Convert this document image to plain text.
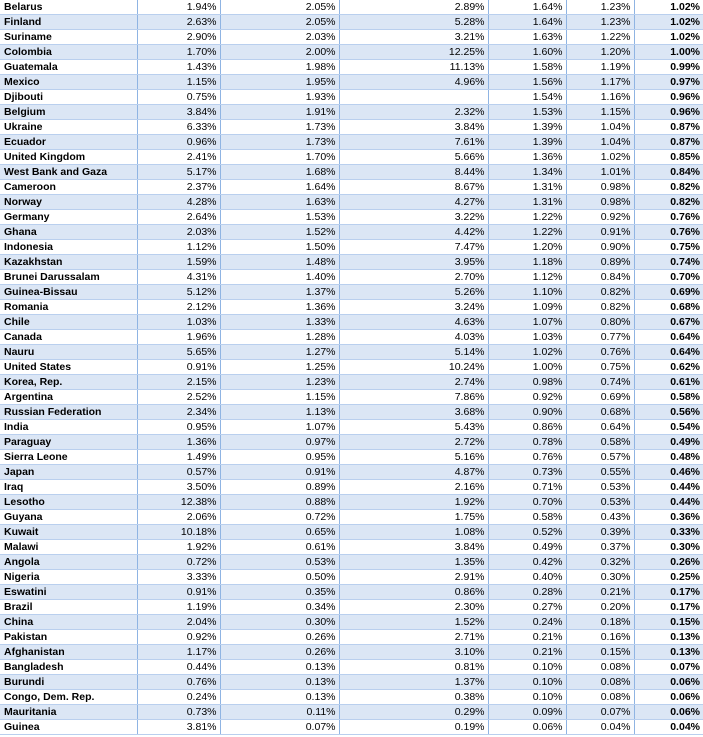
Belarus	1.94%	2.05%	2.89%	1.64%	1.23%	1.02%
Finland	2.63%	2.05%	5.28%	1.64%	1.23%	1.02%
Suriname	2.90%	2.03%	3.21%	1.63%	1.22%	1.02%
Colombia	1.70%	2.00%	12.25%	1.60%	1.20%	1.00%
Guatemala	1.43%	1.98%	11.13%	1.58%	1.19%	0.99%
Mexico	1.15%	1.95%	4.96%	1.56%	1.17%	0.97%
Djibouti	0.75%	1.93%		1.54%	1.16%	0.96%
Belgium	3.84%	1.91%	2.32%	1.53%	1.15%	0.96%
Ukraine	6.33%	1.73%	3.84%	1.39%	1.04%	0.87%
Ecuador	0.96%	1.73%	7.61%	1.39%	1.04%	0.87%
United Kingdom	2.41%	1.70%	5.66%	1.36%	1.02%	0.85%
West Bank and Gaza	5.17%	1.68%	8.44%	1.34%	1.01%	0.84%
Cameroon	2.37%	1.64%	8.67%	1.31%	0.98%	0.82%
Norway	4.28%	1.63%	4.27%	1.31%	0.98%	0.82%
Germany	2.64%	1.53%	3.22%	1.22%	0.92%	0.76%
Ghana	2.03%	1.52%	4.42%	1.22%	0.91%	0.76%
Indonesia	1.12%	1.50%	7.47%	1.20%	0.90%	0.75%
Kazakhstan	1.59%	1.48%	3.95%	1.18%	0.89%	0.74%
Brunei Darussalam	4.31%	1.40%	2.70%	1.12%	0.84%	0.70%
Guinea-Bissau	5.12%	1.37%	5.26%	1.10%	0.82%	0.69%
Romania	2.12%	1.36%	3.24%	1.09%	0.82%	0.68%
Chile	1.03%	1.33%	4.63%	1.07%	0.80%	0.67%
Canada	1.96%	1.28%	4.03%	1.03%	0.77%	0.64%
Nauru	5.65%	1.27%	5.14%	1.02%	0.76%	0.64%
United States	0.91%	1.25%	10.24%	1.00%	0.75%	0.62%
Korea, Rep.	2.15%	1.23%	2.74%	0.98%	0.74%	0.61%
Argentina	2.52%	1.15%	7.86%	0.92%	0.69%	0.58%
Russian Federation	2.34%	1.13%	3.68%	0.90%	0.68%	0.56%
India	0.95%	1.07%	5.43%	0.86%	0.64%	0.54%
Paraguay	1.36%	0.97%	2.72%	0.78%	0.58%	0.49%
Sierra Leone	1.49%	0.95%	5.16%	0.76%	0.57%	0.48%
Japan	0.57%	0.91%	4.87%	0.73%	0.55%	0.46%
Iraq	3.50%	0.89%	2.16%	0.71%	0.53%	0.44%
Lesotho	12.38%	0.88%	1.92%	0.70%	0.53%	0.44%
Guyana	2.06%	0.72%	1.75%	0.58%	0.43%	0.36%
Kuwait	10.18%	0.65%	1.08%	0.52%	0.39%	0.33%
Malawi	1.92%	0.61%	3.84%	0.49%	0.37%	0.30%
Angola	0.72%	0.53%	1.35%	0.42%	0.32%	0.26%
Nigeria	3.33%	0.50%	2.91%	0.40%	0.30%	0.25%
Eswatini	0.91%	0.35%	0.86%	0.28%	0.21%	0.17%
Brazil	1.19%	0.34%	2.30%	0.27%	0.20%	0.17%
China	2.04%	0.30%	1.52%	0.24%	0.18%	0.15%
Pakistan	0.92%	0.26%	2.71%	0.21%	0.16%	0.13%
Afghanistan	1.17%	0.26%	3.10%	0.21%	0.15%	0.13%
Bangladesh	0.44%	0.13%	0.81%	0.10%	0.08%	0.07%
Burundi	0.76%	0.13%	1.37%	0.10%	0.08%	0.06%
Congo, Dem. Rep.	0.24%	0.13%	0.38%	0.10%	0.08%	0.06%
Mauritania	0.73%	0.11%	0.29%	0.09%	0.07%	0.06%
Guinea	3.81%	0.07%	0.19%	0.06%	0.04%	0.04%
